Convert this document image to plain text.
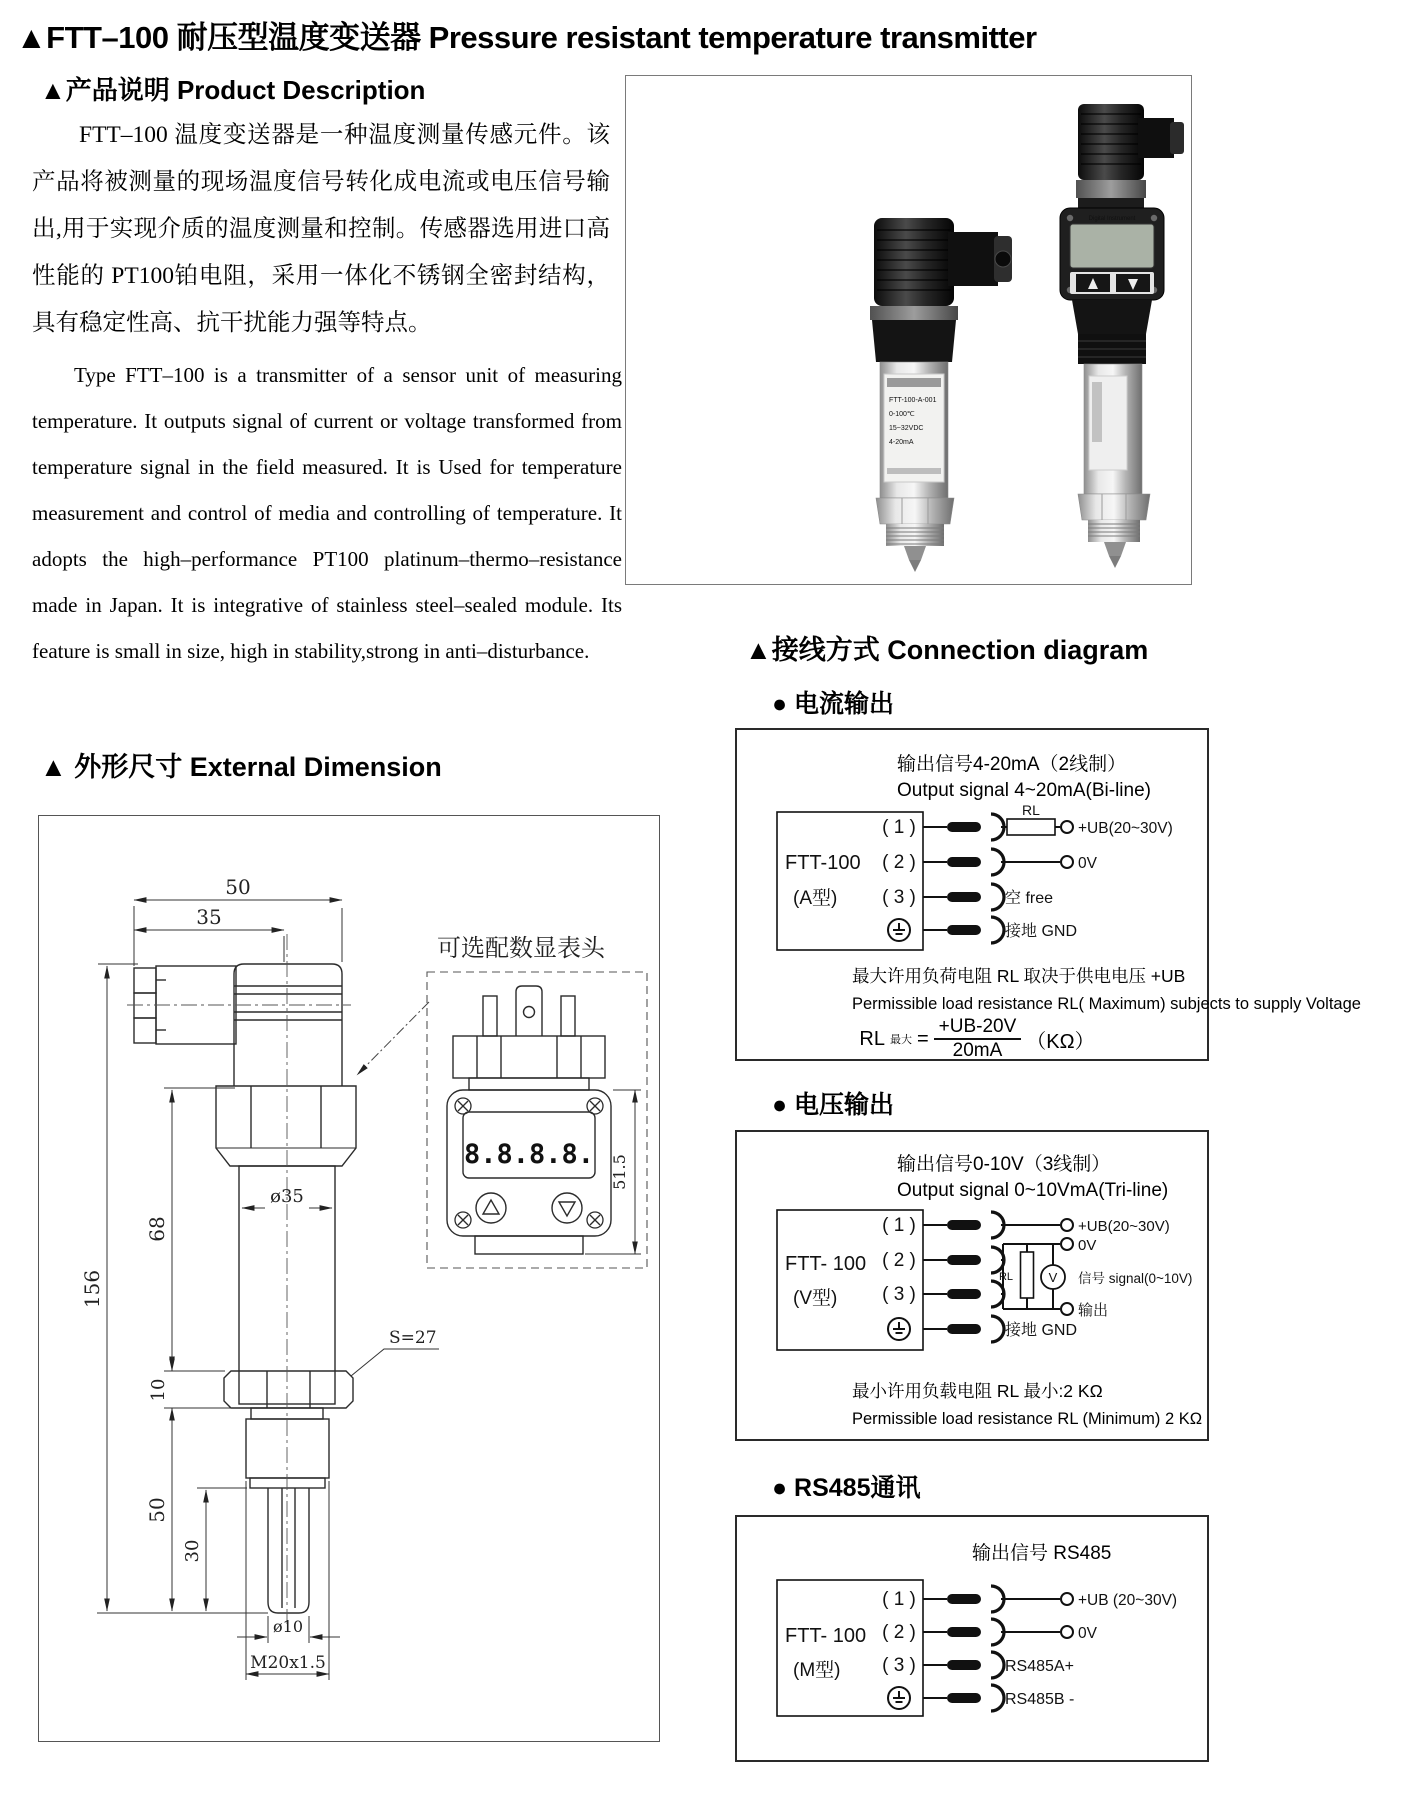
▲FTT–100 耐压型温度变送器 Pressure resistant temperature transmitter
▲产品说明 Product Description
FTT–100 温度变送器是一种温度测量传感元件。该产品将被测量的现场温度信号转化成电流或电压信号输出,用于实现介质的温度测量和控制。传感器选用进口高性能的 PT100铂电阻，采用一体化不锈钢全密封结构，具有稳定性高、抗干扰能力强等特点。
Type FTT–100 is a transmitter of a sensor unit of measuring temperature. It outputs signal of current or voltage transformed from temperature signal in the field measured. It is Used for temperature measurement and control of media and controlling of temperature. It adopts the high–performance PT100 platinum–thermo–resistance made in Japan. It is integrative of stainless steel–sealed module. Its feature is small in size, high in stability,strong in anti–disturbance.
▲ 外形尺寸 External Dimension
FTT-100-A-001
0-100℃
15~32VDC
4-20mA
Digital Instrument
50
35
156
68
10
50
30
ø35
ø10
S=27
M20x1.5
可选配数显表头
8.8.8.8. 51.5
▲接线方式 Connection diagram
● 电流输出
输出信号4-20mA（2线制）
Output signal 4~20mA(Bi-line)
FTT-100
(A型)
( 1 )
( 2 )
( 3 )
RL
+UB(20~30V)
0V
空 free
接地 GND
最大许用负荷电阻 RL 取决于供电电压 +UB
Permissible load resistance RL( Maximum) subjects to supply Voltage
RL 最大 = $\frac{+UB-20V}{20mA} (K\Omega)$
● 电压输出
输出信号0-10V（3线制）
Output signal 0~10VmA(Tri-line)
FTT- 100
(V型)
( 1 )
( 2 )
( 3 )
RL	V
+UB(20~30V)
0V
信号 signal(0~10V)
输出
接地 GND
最小许用负载电阻 RL 最小:2 KΩ
Permissible load resistance RL (Minimum) 2 KΩ
● RS485通讯
输出信号 RS485
FTT- 100
(M型)
( 1 )
( 2 )
( 3 )
+UB (20~30V)
0V
RS485A+
RS485B -
